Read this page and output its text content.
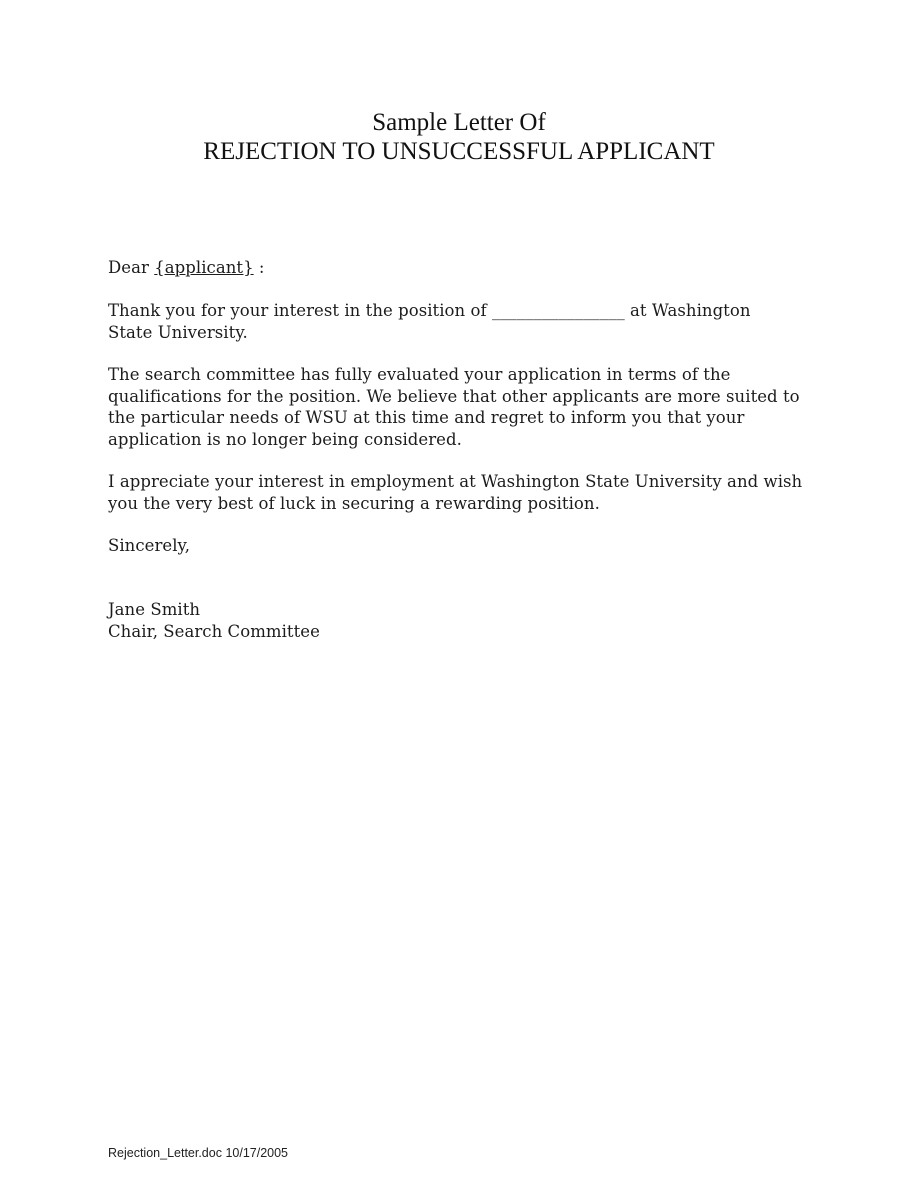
Sample Letter Of
REJECTION TO UNSUCCESSFUL APPLICANT
Dear {applicant} :
Thank you for your interest in the position of ________________ at Washington
State University.
The search committee has fully evaluated your application in terms of the
qualifications for the position. We believe that other applicants are more suited to
the particular needs of WSU at this time and regret to inform you that your
application is no longer being considered.
I appreciate your interest in employment at Washington State University and wish
you the very best of luck in securing a rewarding position.
Sincerely,
Jane Smith
Chair, Search Committee
Rejection_Letter.doc 10/17/2005
